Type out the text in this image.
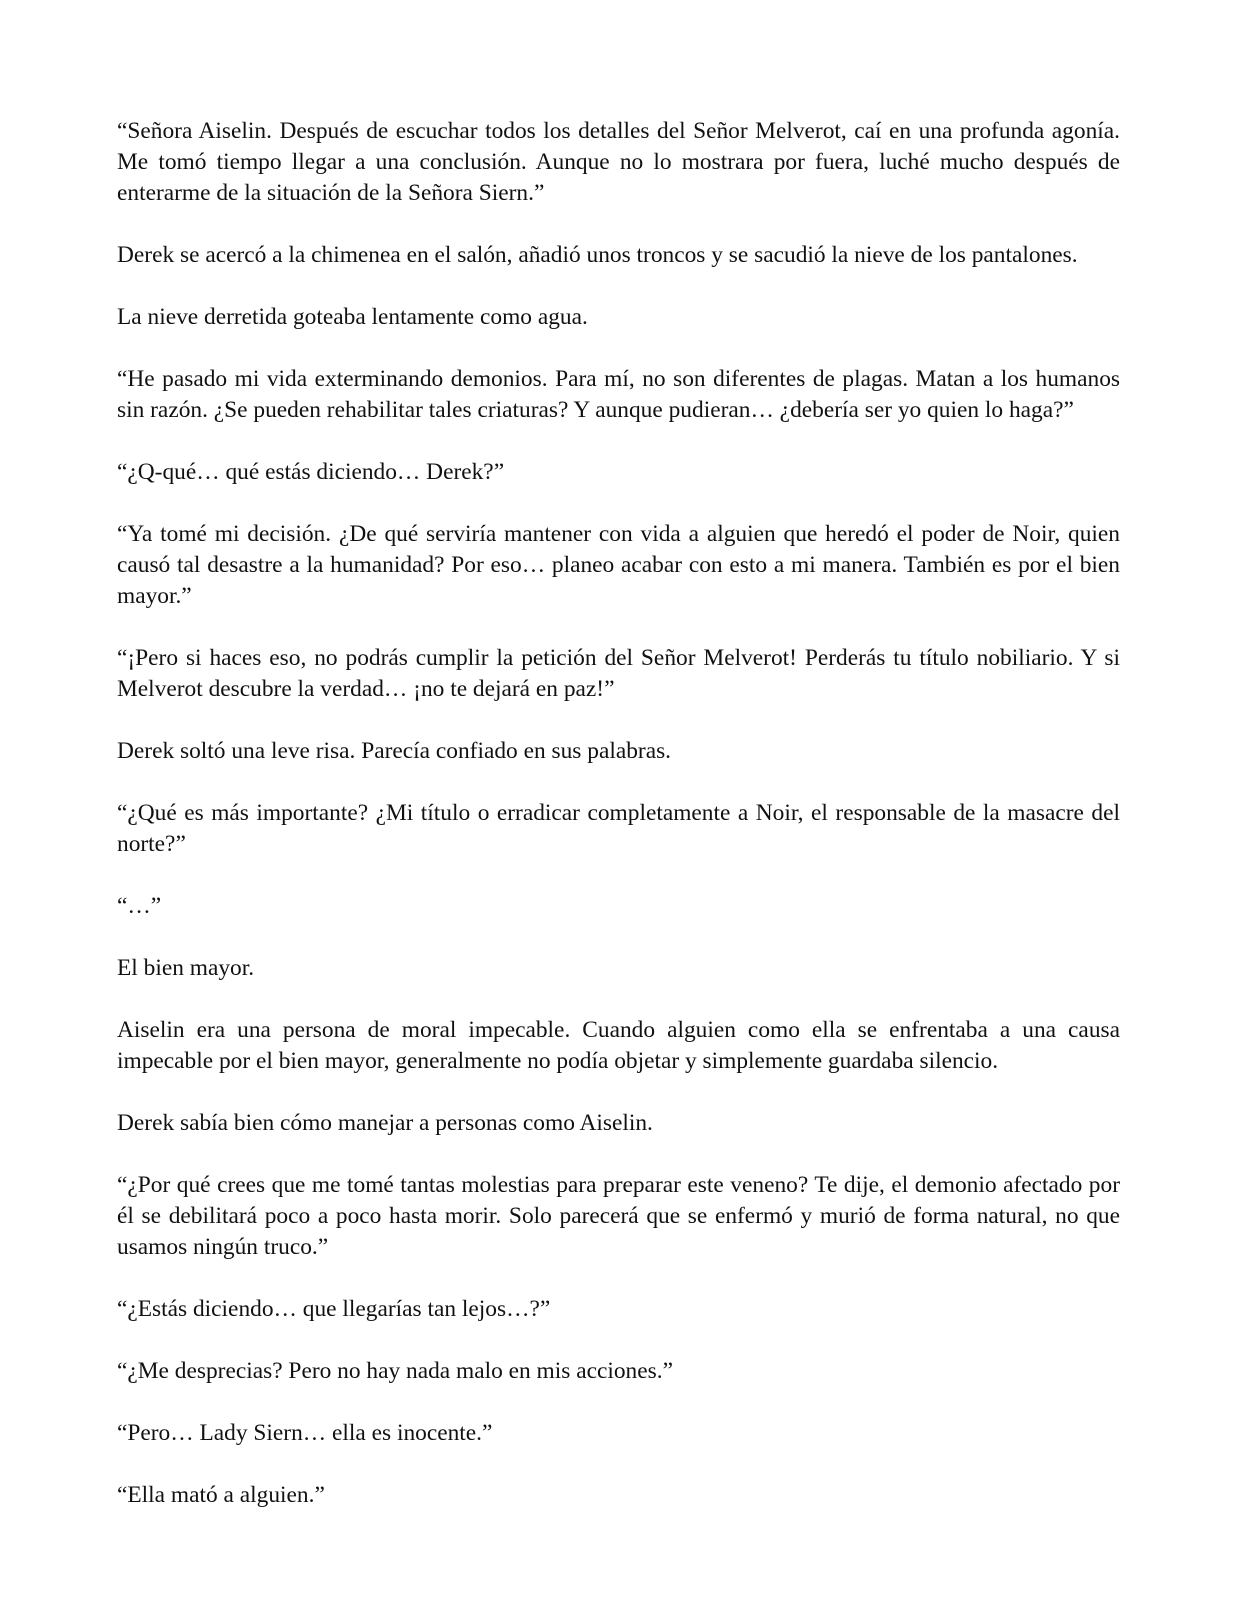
“Señora Aiselin. Después de escuchar todos los detalles del Señor Melverot, caí en una profunda agonía. Me tomó tiempo llegar a una conclusión. Aunque no lo mostrara por fuera, luché mucho después de enterarme de la situación de la Señora Siern.”

Derek se acercó a la chimenea en el salón, añadió unos troncos y se sacudió la nieve de los pantalones.

La nieve derretida goteaba lentamente como agua.

“He pasado mi vida exterminando demonios. Para mí, no son diferentes de plagas. Matan a los humanos sin razón. ¿Se pueden rehabilitar tales criaturas? Y aunque pudieran… ¿debería ser yo quien lo haga?”

“¿Q-qué… qué estás diciendo… Derek?”

“Ya tomé mi decisión. ¿De qué serviría mantener con vida a alguien que heredó el poder de Noir, quien causó tal desastre a la humanidad? Por eso… planeo acabar con esto a mi manera. También es por el bien mayor.”

“¡Pero si haces eso, no podrás cumplir la petición del Señor Melverot! Perderás tu título nobiliario. Y si Melverot descubre la verdad… ¡no te dejará en paz!”

Derek soltó una leve risa. Parecía confiado en sus palabras.

“¿Qué es más importante? ¿Mi título o erradicar completamente a Noir, el responsable de la masacre del norte?”

“…”

El bien mayor.

Aiselin era una persona de moral impecable. Cuando alguien como ella se enfrentaba a una causa impecable por el bien mayor, generalmente no podía objetar y simplemente guardaba silencio.

Derek sabía bien cómo manejar a personas como Aiselin.

“¿Por qué crees que me tomé tantas molestias para preparar este veneno? Te dije, el demonio afectado por él se debilitará poco a poco hasta morir. Solo parecerá que se enfermó y murió de forma natural, no que usamos ningún truco.”

“¿Estás diciendo… que llegarías tan lejos…?”

“¿Me desprecias? Pero no hay nada malo en mis acciones.”

“Pero… Lady Siern… ella es inocente.”

“Ella mató a alguien.”
